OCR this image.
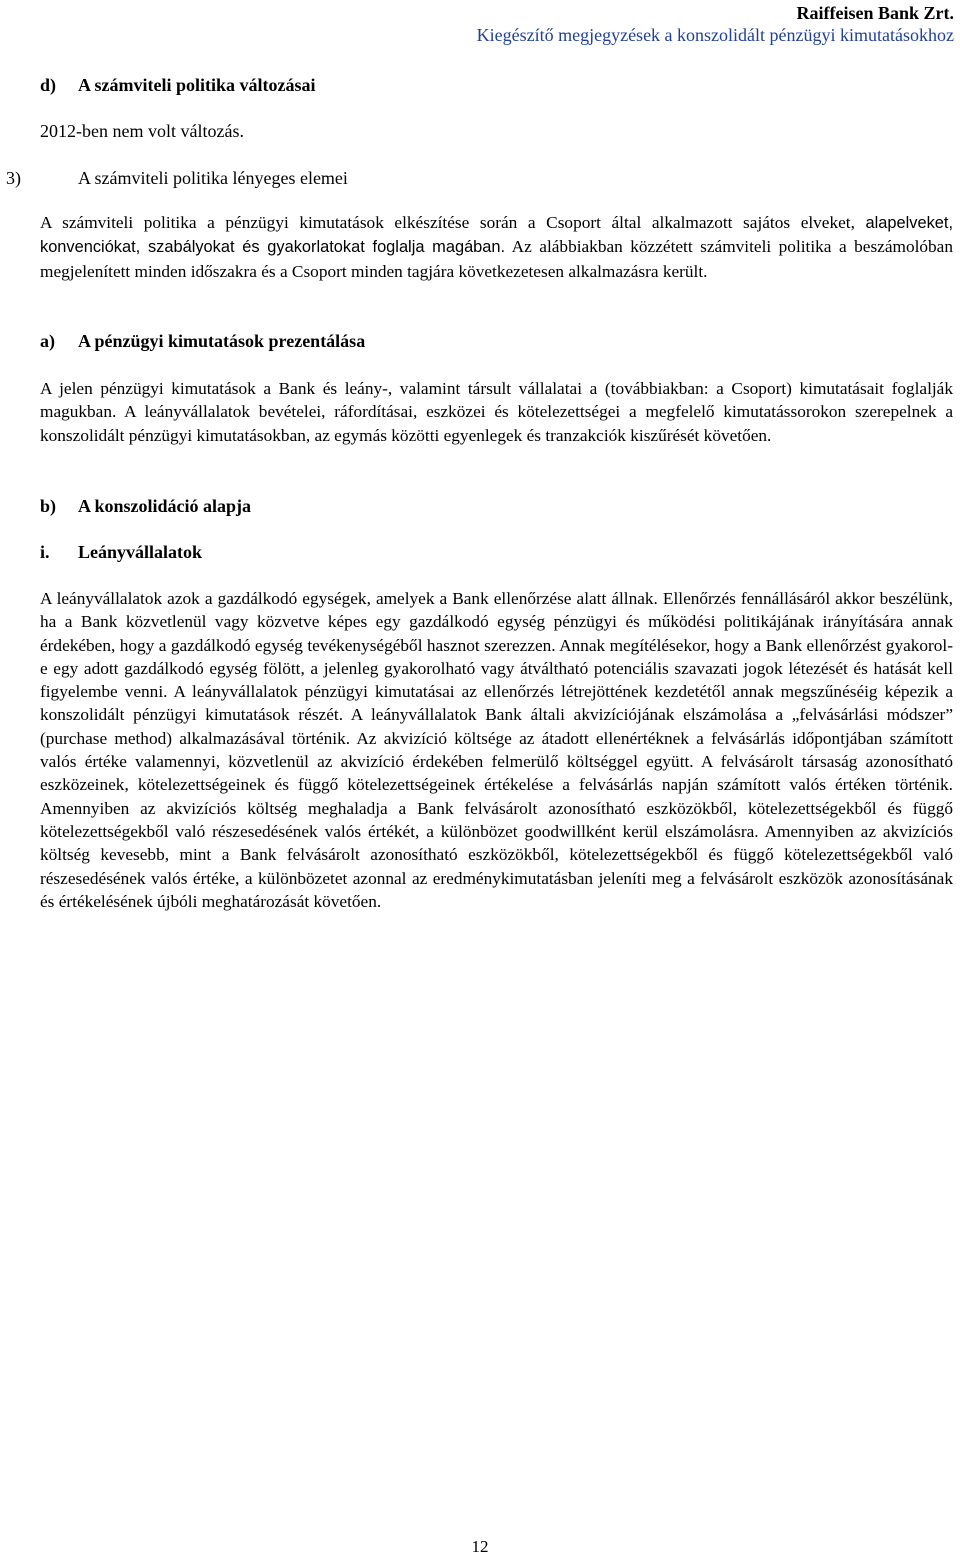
Raiffeisen Bank Zrt.
Kiegészítő megjegyzések a konszolidált pénzügyi kimutatásokhoz
d) A számviteli politika változásai
2012-ben nem volt változás.
3)	A számviteli politika lényeges elemei
A számviteli politika a pénzügyi kimutatások elkészítése során a Csoport által alkalmazott sajátos elveket, alapelveket, konvenciókat, szabályokat és gyakorlatokat foglalja magában. Az alábbiakban közzétett számviteli politika a beszámolóban megjelenített minden időszakra és a Csoport minden tagjára következetesen alkalmazásra került.
a) A pénzügyi kimutatások prezentálása
A jelen pénzügyi kimutatások a Bank és leány-, valamint társult vállalatai a (továbbiakban: a Csoport) kimutatásait foglalják magukban. A leányvállalatok bevételei, ráfordításai, eszközei és kötelezettségei a megfelelő kimutatássorokon szerepelnek a konszolidált pénzügyi kimutatásokban, az egymás közötti egyenlegek és tranzakciók kiszűrését követően.
b) A konszolidáció alapja
i. Leányvállalatok
A leányvállalatok azok a gazdálkodó egységek, amelyek a Bank ellenőrzése alatt állnak. Ellenőrzés fennállásáról akkor beszélünk, ha a Bank közvetlenül vagy közvetve képes egy gazdálkodó egység pénzügyi és működési politikájának irányítására annak érdekében, hogy a gazdálkodó egység tevékenységéből hasznot szerezzen. Annak megítélésekor, hogy a Bank ellenőrzést gyakorol-e egy adott gazdálkodó egység fölött, a jelenleg gyakorolható vagy átváltható potenciális szavazati jogok létezését és hatását kell figyelembe venni. A leányvállalatok pénzügyi kimutatásai az ellenőrzés létrejöttének kezdetétől annak megszűnéséig képezik a konszolidált pénzügyi kimutatások részét. A leányvállalatok Bank általi akvizíciójának elszámolása a „felvásárlási módszer” (purchase method) alkalmazásával történik. Az akvizíció költsége az átadott ellenértéknek a felvásárlás időpontjában számított valós értéke valamennyi, közvetlenül az akvizíció érdekében felmerülő költséggel együtt. A felvásárolt társaság azonosítható eszközeinek, kötelezettségeinek és függő kötelezettségeinek értékelése a felvásárlás napján számított valós értéken történik. Amennyiben az akvizíciós költség meghaladja a Bank felvásárolt azonosítható eszközökből, kötelezettségekből és függő kötelezettségekből való részesedésének valós értékét, a különbözet goodwillként kerül elszámolásra. Amennyiben az akvizíciós költség kevesebb, mint a Bank felvásárolt azonosítható eszközökből, kötelezettségekből és függő kötelezettségekből való részesedésének valós értéke, a különbözetet azonnal az eredménykimutatásban jeleníti meg a felvásárolt eszközök azonosításának és értékelésének újbóli meghatározását követően.
12
